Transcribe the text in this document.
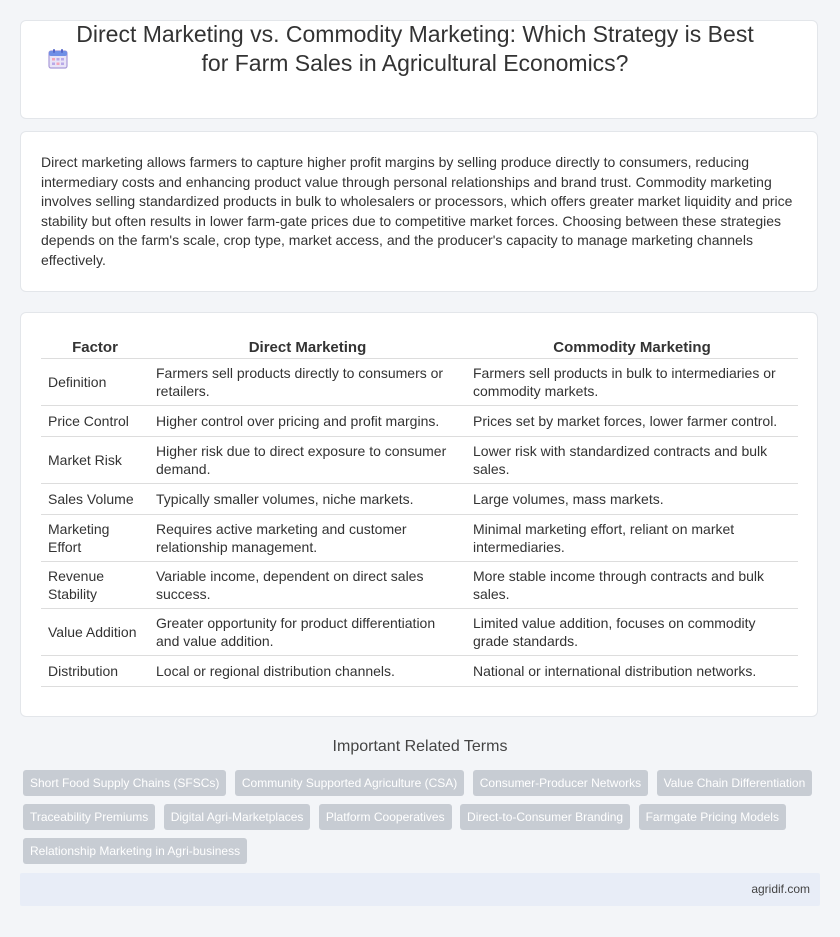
Direct Marketing vs. Commodity Marketing: Which Strategy is Best for Farm Sales in Agricultural Economics?

Direct marketing allows farmers to capture higher profit margins by selling produce directly to consumers, reducing intermediary costs and enhancing product value through personal relationships and brand trust. Commodity marketing involves selling standardized products in bulk to wholesalers or processors, which offers greater market liquidity and price stability but often results in lower farm-gate prices due to competitive market forces. Choosing between these strategies depends on the farm's scale, crop type, market access, and the producer's capacity to manage marketing channels effectively.

Factor	Direct Marketing	Commodity Marketing
Definition	Farmers sell products directly to consumers or retailers.	Farmers sell products in bulk to intermediaries or commodity markets.
Price Control	Higher control over pricing and profit margins.	Prices set by market forces, lower farmer control.
Market Risk	Higher risk due to direct exposure to consumer demand.	Lower risk with standardized contracts and bulk sales.
Sales Volume	Typically smaller volumes, niche markets.	Large volumes, mass markets.
Marketing Effort	Requires active marketing and customer relationship management.	Minimal marketing effort, reliant on market intermediaries.
Revenue Stability	Variable income, dependent on direct sales success.	More stable income through contracts and bulk sales.
Value Addition	Greater opportunity for product differentiation and value addition.	Limited value addition, focuses on commodity grade standards.
Distribution	Local or regional distribution channels.	National or international distribution networks.
Important Related Terms
Short Food Supply Chains (SFSCs) Community Supported Agriculture (CSA) Consumer-Producer Networks Value Chain Differentiation Traceability Premiums Digital Agri-Marketplaces Platform Cooperatives Direct-to-Consumer Branding Farmgate Pricing Models Relationship Marketing in Agri-business
agridif.com
